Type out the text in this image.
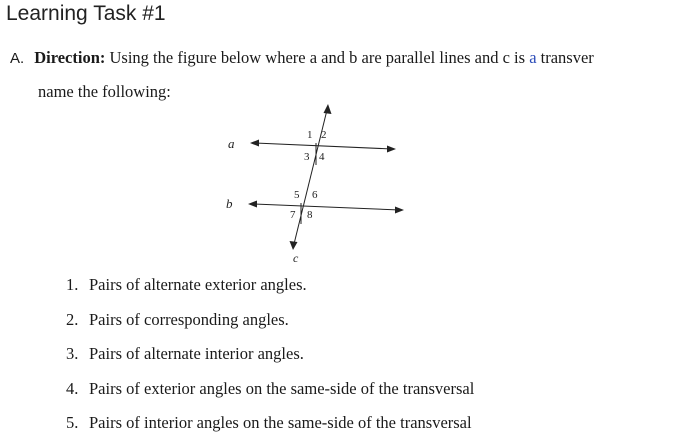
Learning Task #1
A. Direction: Using the figure below where a and b are parallel lines and c is a transver
name the following:
a
b
c
1 2
3 4
5 6
7 8
1. Pairs of alternate exterior angles.
2. Pairs of corresponding angles.
3. Pairs of alternate interior angles.
4. Pairs of exterior angles on the same-side of the transversal
5. Pairs of interior angles on the same-side of the transversal
